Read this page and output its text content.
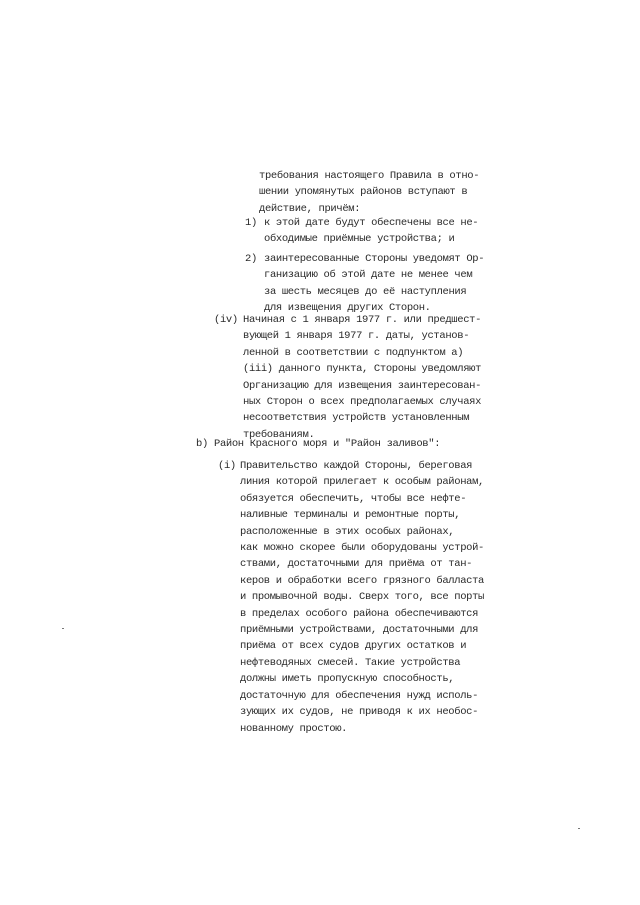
требования настоящего Правила в отно-
шении упомянутых районов вступают в
действие, причём:
1) к этой дате будут обеспечены все не-
обходимые приёмные устройства; и
2) заинтересованные Стороны уведомят Ор-
ганизацию об этой дате не менее чем
за шесть месяцев до её наступления
для извещения других Сторон.
(iv) Начиная с 1 января 1977 г. или предшест-
вующей 1 января 1977 г. даты, установ-
ленной в соответствии с подпунктом a)
(iii) данного пункта, Стороны уведомляют
Организацию для извещения заинтересован-
ных Сторон о всех предполагаемых случаях
несоответствия устройств установленным
требованиям.
b) Район Красного моря и "Район заливов":
(i) Правительство каждой Стороны, береговая
линия которой прилегает к особым районам,
обязуется обеспечить, чтобы все нефте-
наливные терминалы и ремонтные порты,
расположенные в этих особых районах,
как можно скорее были оборудованы устрой-
ствами, достаточными для приёма от тан-
керов и обработки всего грязного балласта
и промывочной воды. Сверх того, все порты
в пределах особого района обеспечиваются
приёмными устройствами, достаточными для
приёма от всех судов других остатков и
нефтеводяных смесей. Такие устройства
должны иметь пропускную способность,
достаточную для обеспечения нужд исполь-
зующих их судов, не приводя к их необос-
нованному простою.
